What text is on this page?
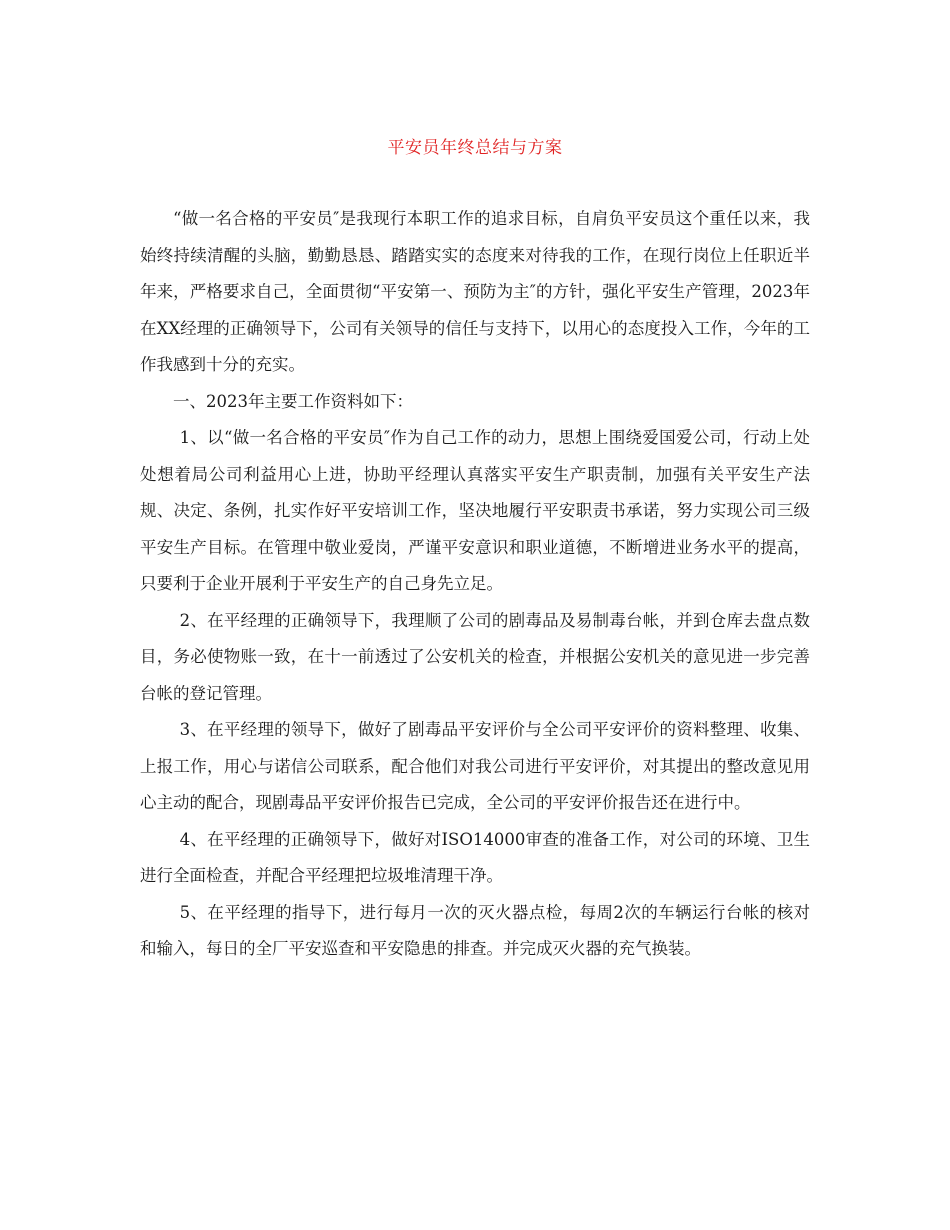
平安员年终总结与方案

“做一名合格的平安员″是我现行本职工作的追求目标，自肩负平安员这个重任以来，我始终持续清醒的头脑，勤勤恳恳、踏踏实实的态度来对待我的工作，在现行岗位上任职近半年来，严格要求自己，全面贯彻“平安第一、预防为主″的方针，强化平安生产管理，2023年在XX经理的正确领导下，公司有关领导的信任与支持下，以用心的态度投入工作，今年的工作我感到十分的充实。

一、2023年主要工作资料如下：

1、以“做一名合格的平安员″作为自己工作的动力，思想上围绕爱国爱公司，行动上处处想着局公司利益用心上进，协助平经理认真落实平安生产职责制，加强有关平安生产法规、决定、条例，扎实作好平安培训工作，坚决地履行平安职责书承诺，努力实现公司三级平安生产目标。在管理中敬业爱岗，严谨平安意识和职业道德，不断增进业务水平的提高，只要利于企业开展利于平安生产的自己身先立足。

2、在平经理的正确领导下，我理顺了公司的剧毒品及易制毒台帐，并到仓库去盘点数目，务必使物账一致，在十一前透过了公安机关的检查，并根据公安机关的意见进一步完善台帐的登记管理。

3、在平经理的领导下，做好了剧毒品平安评价与全公司平安评价的资料整理、收集、上报工作，用心与诺信公司联系，配合他们对我公司进行平安评价，对其提出的整改意见用心主动的配合，现剧毒品平安评价报告已完成，全公司的平安评价报告还在进行中。

4、在平经理的正确领导下，做好对ISO14000审查的准备工作，对公司的环境、卫生进行全面检查，并配合平经理把垃圾堆清理干净。

5、在平经理的指导下，进行每月一次的灭火器点检，每周2次的车辆运行台帐的核对和输入，每日的全厂平安巡查和平安隐患的排查。并完成灭火器的充气换装。
